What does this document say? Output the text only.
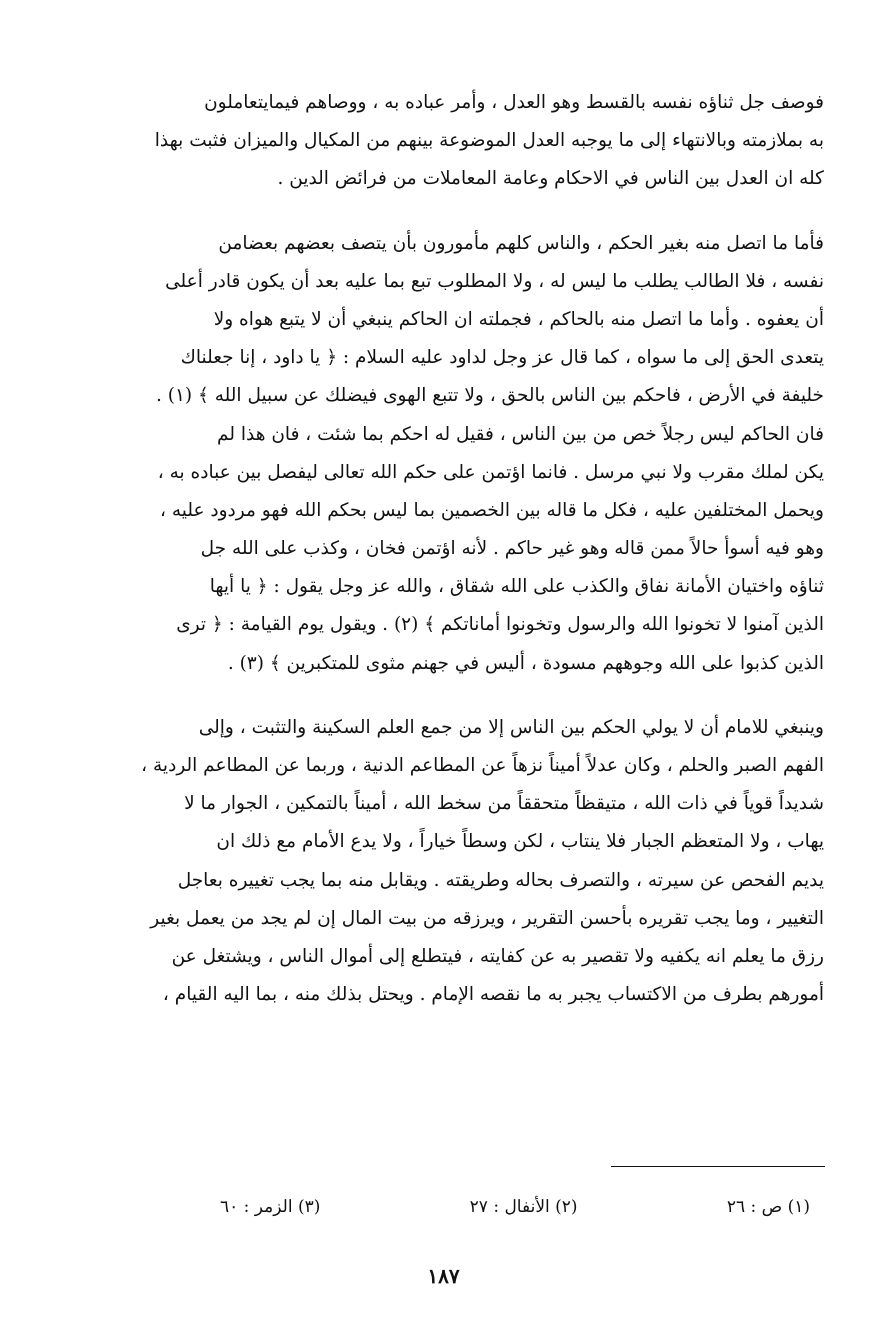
فوصف جل ثناؤه نفسه بالقسط وهو العدل ، وأمر عباده به ، ووصاهم فيمايتعاملون
به بملازمته وبالانتهاء إلى ما يوجبه العدل الموضوعة بينهم من المكيال والميزان فثبت بهذا
كله ان العدل بين الناس في الاحكام وعامة المعاملات من فرائض الدين .
فأما ما اتصل منه بغير الحكم ، والناس كلهم مأمورون بأن يتصف بعضهم بعضامن
نفسه ، فلا الطالب يطلب ما ليس له ، ولا المطلوب تبع بما عليه بعد أن يكون قادر أعلى
أن يعفوه . وأما ما اتصل منه بالحاكم ، فجملته ان الحاكم ينبغي أن لا يتبع هواه ولا
يتعدى الحق إلى ما سواه ، كما قال عز وجل لداود عليه السلام : ﴿ يا داود ، إنا جعلناك
خليفة في الأرض ، فاحكم بين الناس بالحق ، ولا تتبع الهوى فيضلك عن سبيل الله ﴾ (١) .
فان الحاكم ليس رجلاً خص من بين الناس ، فقيل له احكم بما شئت ، فان هذا لم
يكن لملك مقرب ولا نبي مرسل . فانما اؤتمن على حكم الله تعالى ليفصل بين عباده به ،
ويحمل المختلفين عليه ، فكل ما قاله بين الخصمين بما ليس بحكم الله فهو مردود عليه ،
وهو فيه أسوأ حالاً ممن قاله وهو غير حاكم . لأنه اؤتمن فخان ، وكذب على الله جل
ثناؤه واختيان الأمانة نفاق والكذب على الله شقاق ، والله عز وجل يقول : ﴿ يا أيها
الذين آمنوا لا تخونوا الله والرسول وتخونوا أماناتكم ﴾ (٢) . ويقول يوم القيامة : ﴿ ترى
الذين كذبوا على الله وجوههم مسودة ، أليس في جهنم مثوى للمتكبرين ﴾ (٣) .
وينبغي للامام أن لا يولي الحكم بين الناس إلا من جمع العلم السكينة والتثبت ، وإلى
الفهم الصبر والحلم ، وكان عدلاً أميناً نزهاً عن المطاعم الدنية ، وربما عن المطاعم الردية ،
شديداً قوياً في ذات الله ، متيقظاً متحققاً من سخط الله ، أميناً بالتمكين ، الجوار ما لا
يهاب ، ولا المتعظم الجبار فلا ينتاب ، لكن وسطاً خياراً ، ولا يدع الأمام مع ذلك ان
يديم الفحص عن سيرته ، والتصرف بحاله وطريقته . ويقابل منه بما يجب تغييره بعاجل
التغيير ، وما يجب تقريره بأحسن التقرير ، ويرزقه من بيت المال إن لم يجد من يعمل بغير
رزق ما يعلم انه يكفيه ولا تقصير به عن كفايته ، فيتطلع إلى أموال الناس ، ويشتغل عن
أمورهم بطرف من الاكتساب يجبر به ما نقصه الإمام . ويحتل بذلك منه ، بما اليه القيام ،
(١) ص : ٢٦
(٢) الأنفال : ٢٧
(٣) الزمر : ٦٠
١٨٧
